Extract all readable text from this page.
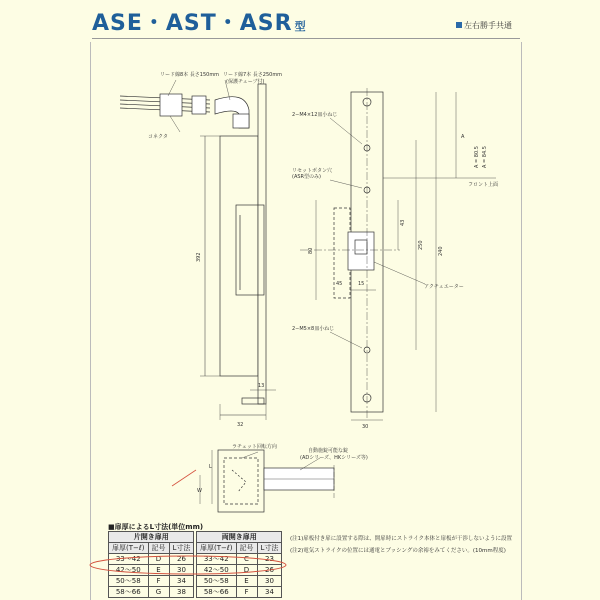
ASE・AST・ASR 型	左右勝手共通
リード線8本 長さ150mm リード線7本 長さ250mm
(保護チューブ付)
コネクタ
392
32
13
2−M4×12皿小ねじ
リセットボタン穴
(ASR型のみ)
2−M5×8皿小ねじ
アクチュエーター
フロント上面
A
A = 80.5 A = 84.5
43
80
250
240
15
45
30
ラチェット回転方向
自動施錠可能な錠
(ADシリーズ、HKシリーズ等)
L
W
■扉厚によるL寸法(単位mm)
片開き扉用		
扉厚(T−ℓ)	記号	L寸法
33〜42	D	26
42〜50	E	30
50〜58	F	34
58〜66	G	38
両開き扉用		
扉厚(T−ℓ)	記号	L寸法
33〜42	C	23
42〜50	D	26
50〜58	E	30
58〜66	F	34
(注1)扉板付き扉に設置する際は、開扉時にストライク本体と扉板が干渉しないように設置
(注2)電気ストライクの位置には通電とブッシングの余裕をみてください。(10mm程度)
